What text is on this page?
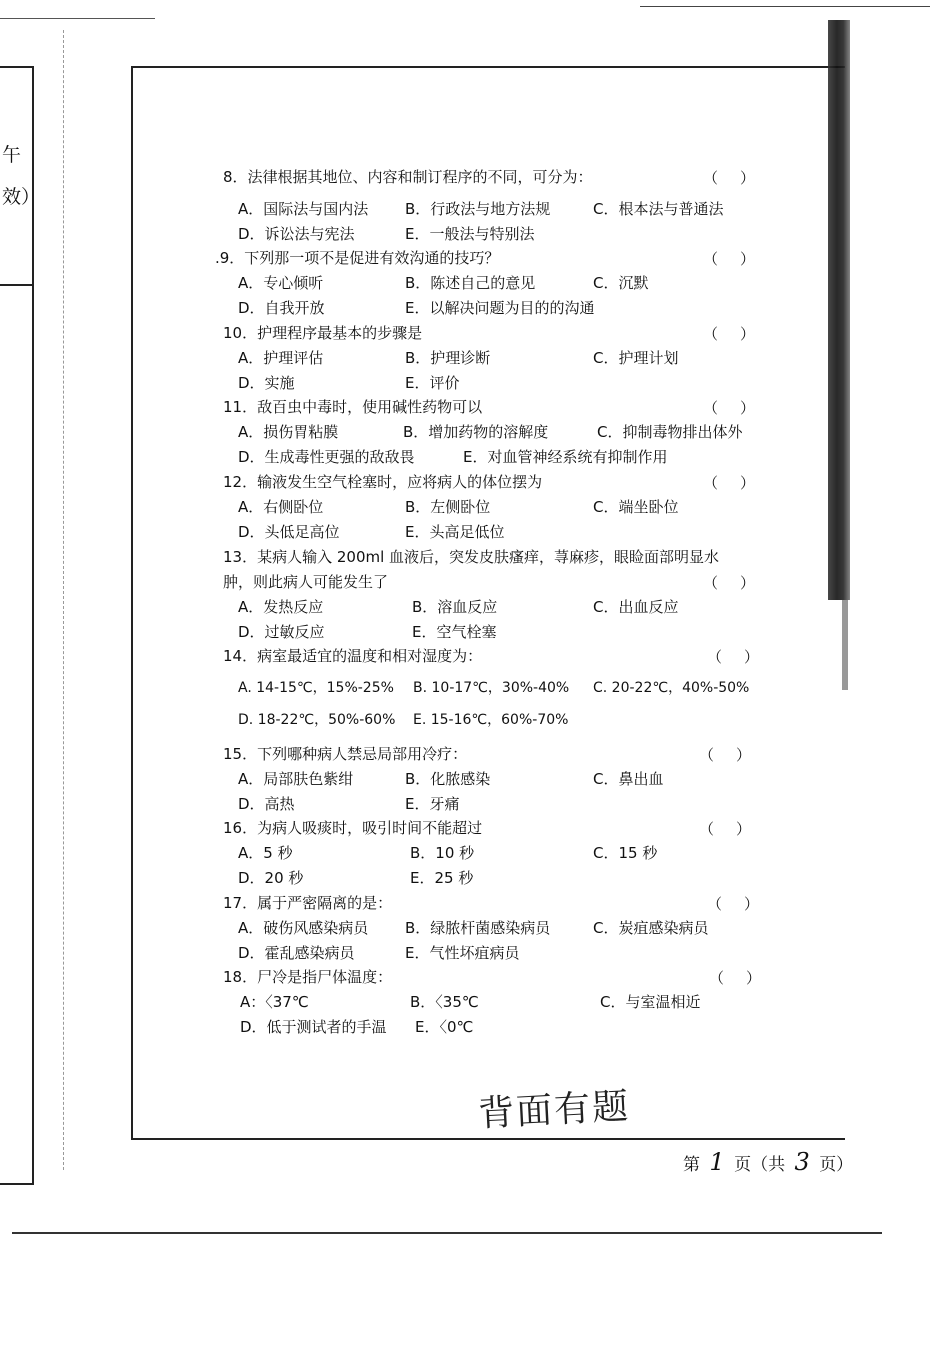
午
效）
8．法律根据其地位、内容和制订程序的不同，可分为：
（ ）
A．国际法与国内法 B．行政法与地方法规	C．根本法与普通法
D．诉讼法与宪法	E．一般法与特别法
.9．下列那一项不是促进有效沟通的技巧？
（ ）
A．专心倾听	B．陈述自己的意见	C．沉默
D．自我开放	E．以解决问题为目的的沟通
10．护理程序最基本的步骤是
（ ）
A．护理评估	B．护理诊断	C．护理计划
D．实施	E．评价
11．敌百虫中毒时，使用碱性药物可以
（ ）
A．损伤胃粘膜	B．增加药物的溶解度	C．抑制毒物排出体外
D．生成毒性更强的敌敌畏	E．对血管神经系统有抑制作用
12．输液发生空气栓塞时，应将病人的体位摆为
（ ）
A．右侧卧位	B．左侧卧位	C．端坐卧位
D．头低足高位	E．头高足低位
13．某病人输入 200ml 血液后，突发皮肤瘙痒，荨麻疹，眼睑面部明显水
肿，则此病人可能发生了
（ ）
A．发热反应	B．溶血反应	C．出血反应
D．过敏反应	E．空气栓塞
14．病室最适宜的温度和相对湿度为：
（ ）
A. 14-15℃，15%-25% B. 10-17℃，30%-40% C. 20-22℃，40%-50%
D. 18-22℃，50%-60% E. 15-16℃，60%-70%
15．下列哪种病人禁忌局部用冷疗：
（ ）
A．局部肤色紫绀	B．化脓感染	C．鼻出血
D．高热	E．牙痛
16．为病人吸痰时，吸引时间不能超过
（ ）
A．5 秒	B．10 秒	C．15 秒
D．20 秒	E．25 秒
17．属于严密隔离的是：
（ ）
A．破伤风感染病员 B．绿脓杆菌感染病员	C．炭疽感染病员
D．霍乱感染病员	E．气性坏疽病员
18．尸冷是指尸体温度：
（ ）
A：〈37℃	B．〈35℃	C．与室温相近
D．低于测试者的手温 E．〈0℃
背面有题
第 1 页（共 3 页）
